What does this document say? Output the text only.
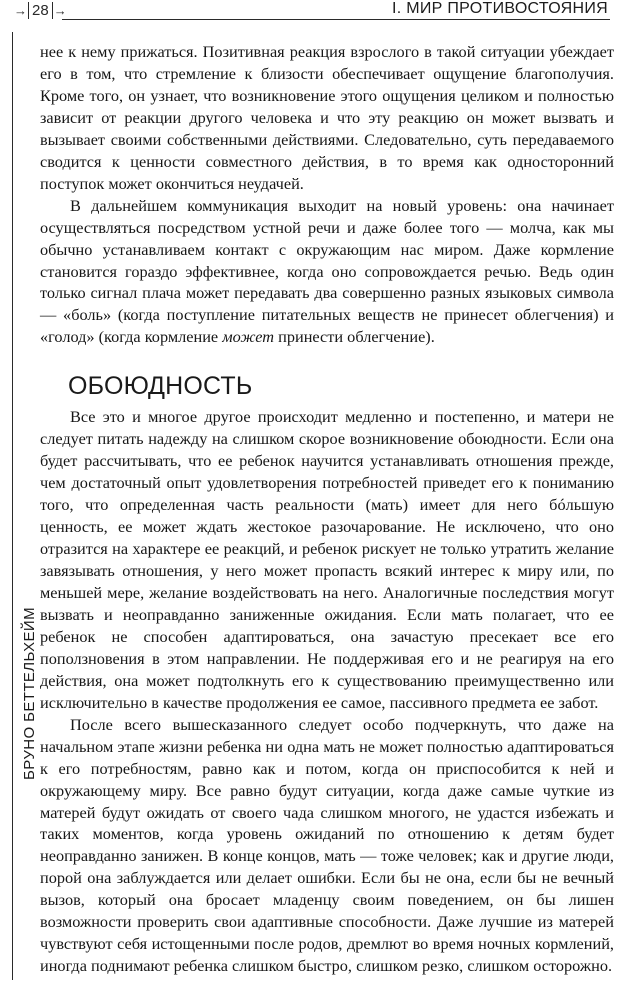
→ 28 →	I. МИР ПРОТИВОСТОЯНИЯ
БРУНО БЕТТЕЛЬХЕЙМ

нее к нему прижаться. Позитивная реакция взрослого в такой ситуации убеждает его в том, что стремление к близости обеспечивает ощущение благополучия. Кроме того, он узнает, что возникновение этого ощущения целиком и полностью зависит от реакции другого человека и что эту реакцию он может вызвать и вызывает своими собственными действиями. Следовательно, суть передаваемого сводится к ценности совместного действия, в то время как односторонний поступок может окончиться неудачей.

В дальнейшем коммуникация выходит на новый уровень: она начинает осуществляться посредством устной речи и даже более того — молча, как мы обычно устанавливаем контакт с окружающим нас миром. Даже кормление становится гораздо эффективнее, когда оно сопровождается речью. Ведь один только сигнал плача может передавать два совершенно разных языковых символа — «боль» (когда поступление питательных веществ не принесет облегчения) и «голод» (когда кормление может принести облегчение).

ОБОЮДНОСТЬ

Все это и многое другое происходит медленно и постепенно, и матери не следует питать надежду на слишком скорое возникновение обоюдности. Если она будет рассчитывать, что ее ребенок научится устанавливать отношения прежде, чем достаточный опыт удовлетворения потребностей приведет его к пониманию того, что определенная часть реальности (мать) имеет для него бóльшую ценность, ее может ждать жестокое разочарование. Не исключено, что оно отразится на характере ее реакций, и ребенок рискует не только утратить желание завязывать отношения, у него может пропасть всякий интерес к миру или, по меньшей мере, желание воздействовать на него. Аналогичные последствия могут вызвать и неоправданно заниженные ожидания. Если мать полагает, что ее ребенок не способен адаптироваться, она зачастую пресекает все его поползновения в этом направлении. Не поддерживая его и не реагируя на его действия, она может подтолкнуть его к существованию преимущественно или исключительно в качестве продолжения ее самое, пассивного предмета ее забот.

После всего вышесказанного следует особо подчеркнуть, что даже на начальном этапе жизни ребенка ни одна мать не может полностью адаптироваться к его потребностям, равно как и потом, когда он приспособится к ней и окружающему миру. Все равно будут ситуации, когда даже самые чуткие из матерей будут ожидать от своего чада слишком многого, не удастся избежать и таких моментов, когда уровень ожиданий по отношению к детям будет неоправданно занижен. В конце концов, мать — тоже человек; как и другие люди, порой она заблуждается или делает ошибки. Если бы не она, если бы не вечный вызов, который она бросает младенцу своим поведением, он бы лишен возможности проверить свои адаптивные способности. Даже лучшие из матерей чувствуют себя истощенными после родов, дремлют во время ночных кормлений, иногда поднимают ребенка слишком быстро, слишком резко, слишком осторожно.
